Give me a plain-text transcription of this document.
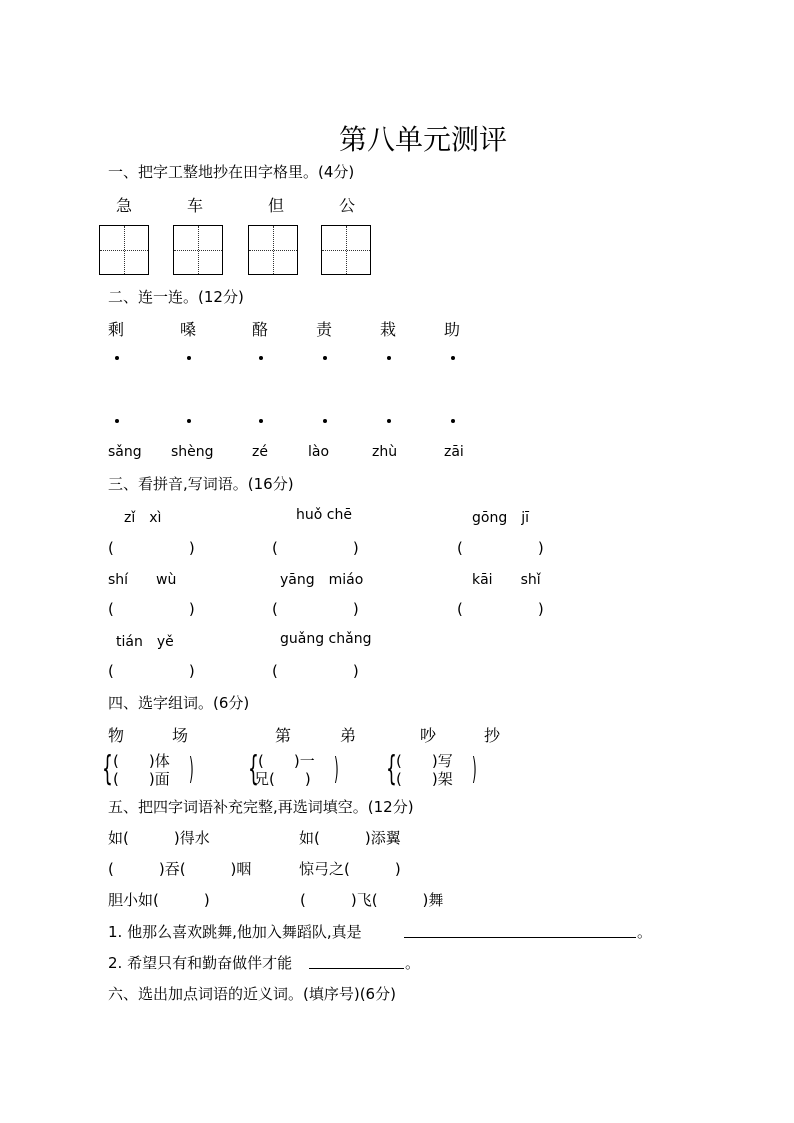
第八单元测评
一、把字工整地抄在田字格里。(4分)
急	车	但	公
二、连一连。(12分)
剩	嗓	酪	责	栽	助
sǎng shèng	zé	lào	zhù	zāi
三、看拼音,写词语。(16分)
zǐ　xì	huǒ chē	gōng　jī
(　　　　　)	(　　　　　)	(　　　　　)
shí　　wù	yāng　miáo	kāi　　shǐ
(　　　　　)	(　　　　　)	(　　　　　)
tián　yě	guǎng chǎng
(　　　　　)	(　　　　　)
四、选字组词。(6分)
物	场	第	弟	吵	抄
{ (　　)体
(　　)面 ) { (　　)一
兄(　　) ) { (　　)写
(　　)架 )
五、把四字词语补充完整,再选词填空。(12分)
如(　　　)得水	如(　　　)添翼
(　　　)吞(　　　)咽	惊弓之(　　　)
胆小如(　　　)	(　　　)飞(　　　)舞
1. 他那么喜欢跳舞,他加入舞蹈队,真是	。
2. 希望只有和勤奋做伴才能	。
六、选出加点词语的近义词。(填序号)(6分)
